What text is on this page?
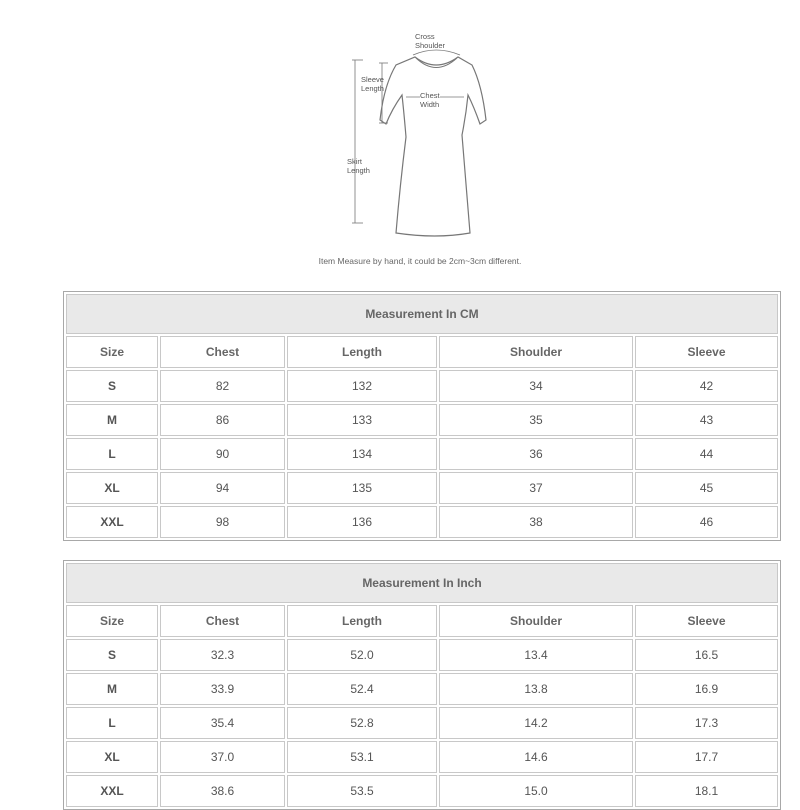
Cross
Shoulder
Sleeve
Length
Chest
Width
Skirt
Length
Item Measure by hand, it could be 2cm~3cm different.
Measurement In CM				
Size	Chest	Length	Shoulder	Sleeve
S	82	132	34	42
M	86	133	35	43
L	90	134	36	44
XL	94	135	37	45
XXL	98	136	38	46
Measurement In Inch				
Size	Chest	Length	Shoulder	Sleeve
S	32.3	52.0	13.4	16.5
M	33.9	52.4	13.8	16.9
L	35.4	52.8	14.2	17.3
XL	37.0	53.1	14.6	17.7
XXL	38.6	53.5	15.0	18.1
